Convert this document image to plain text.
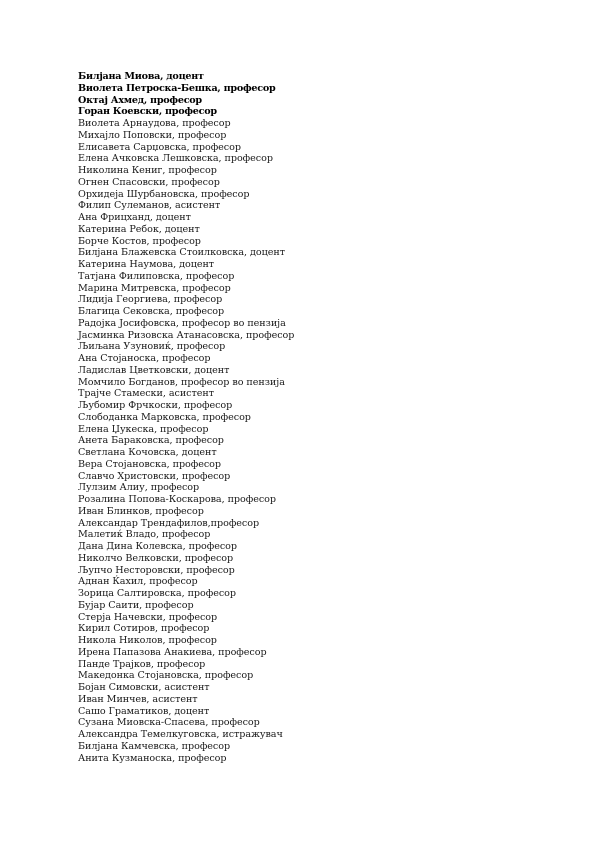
Билјана Миова, доцент
Виолета Петроска-Бешка, професор
Октај Ахмед, професор
Горан Коевски, професор
Виолета Арнаудова, професор
Михајло Поповски, професор
Елисавета Сарџовска, професор
Елена Ачковска Лешковска, професор
Николина Кениг, професор
Огнен Спасовски, професор
Орхидеја Шурбановска, професор
Филип Сулеманов, асистент
Ана Фрицханд, доцент
Катерина Ребок, доцент
Борче Костов, професор
Билјана Блажевска Стоилковска, доцент
Катерина Наумова, доцент
Татјана Филиповска, професор
Марина Митревска, професор
Лидија Георгиева, професор
Благица Сековска, професор
Радојка Јосифовска, професор во пензија
Јасминка Ризовска Атанасовска, професор
Љиљана Узуновиќ, професор
Ана Стојаноска, професор
Ладислав Цветковски, доцент
Момчило Богданов, професор во пензија
Трајче Стамески, асистент
Љубомир Фрчкоски, професор
Слободанка Марковска, професор
Елена Џукеска, професор
Анета Бараковска, професор
Светлана Кочовска, доцент
Вера Стојановска, професор
Славчо Христовски, професор
Лулзим Алиу, професор
Розалина Попова-Коскарова, професор
Иван Блинков, професор
Александар Трендафилов,професор
Малетиќ Владо, професор
Дана Дина Колевска, професор
Николчо Велковски, професор
Љупчо Несторовски, професор
Аднан Ќахил, професор
Зорица Салтировска, професор
Бујар Саити, професор
Стерја Начевски, професор
Кирил Сотиров, професор
Никола Николов, професор
Ирена Папазова Анакиева, професор
Панде Трајков, професор
Македонка Стојановска, професор
Бојан Симовски, асистент
Иван Минчев, асистент
Сашо Граматиков, доцент
Сузана Миовска-Спасева, професор
Александра Темелкуговска, истражувач
Билјана Камчевска, професор
Анита Кузманоска, професор
